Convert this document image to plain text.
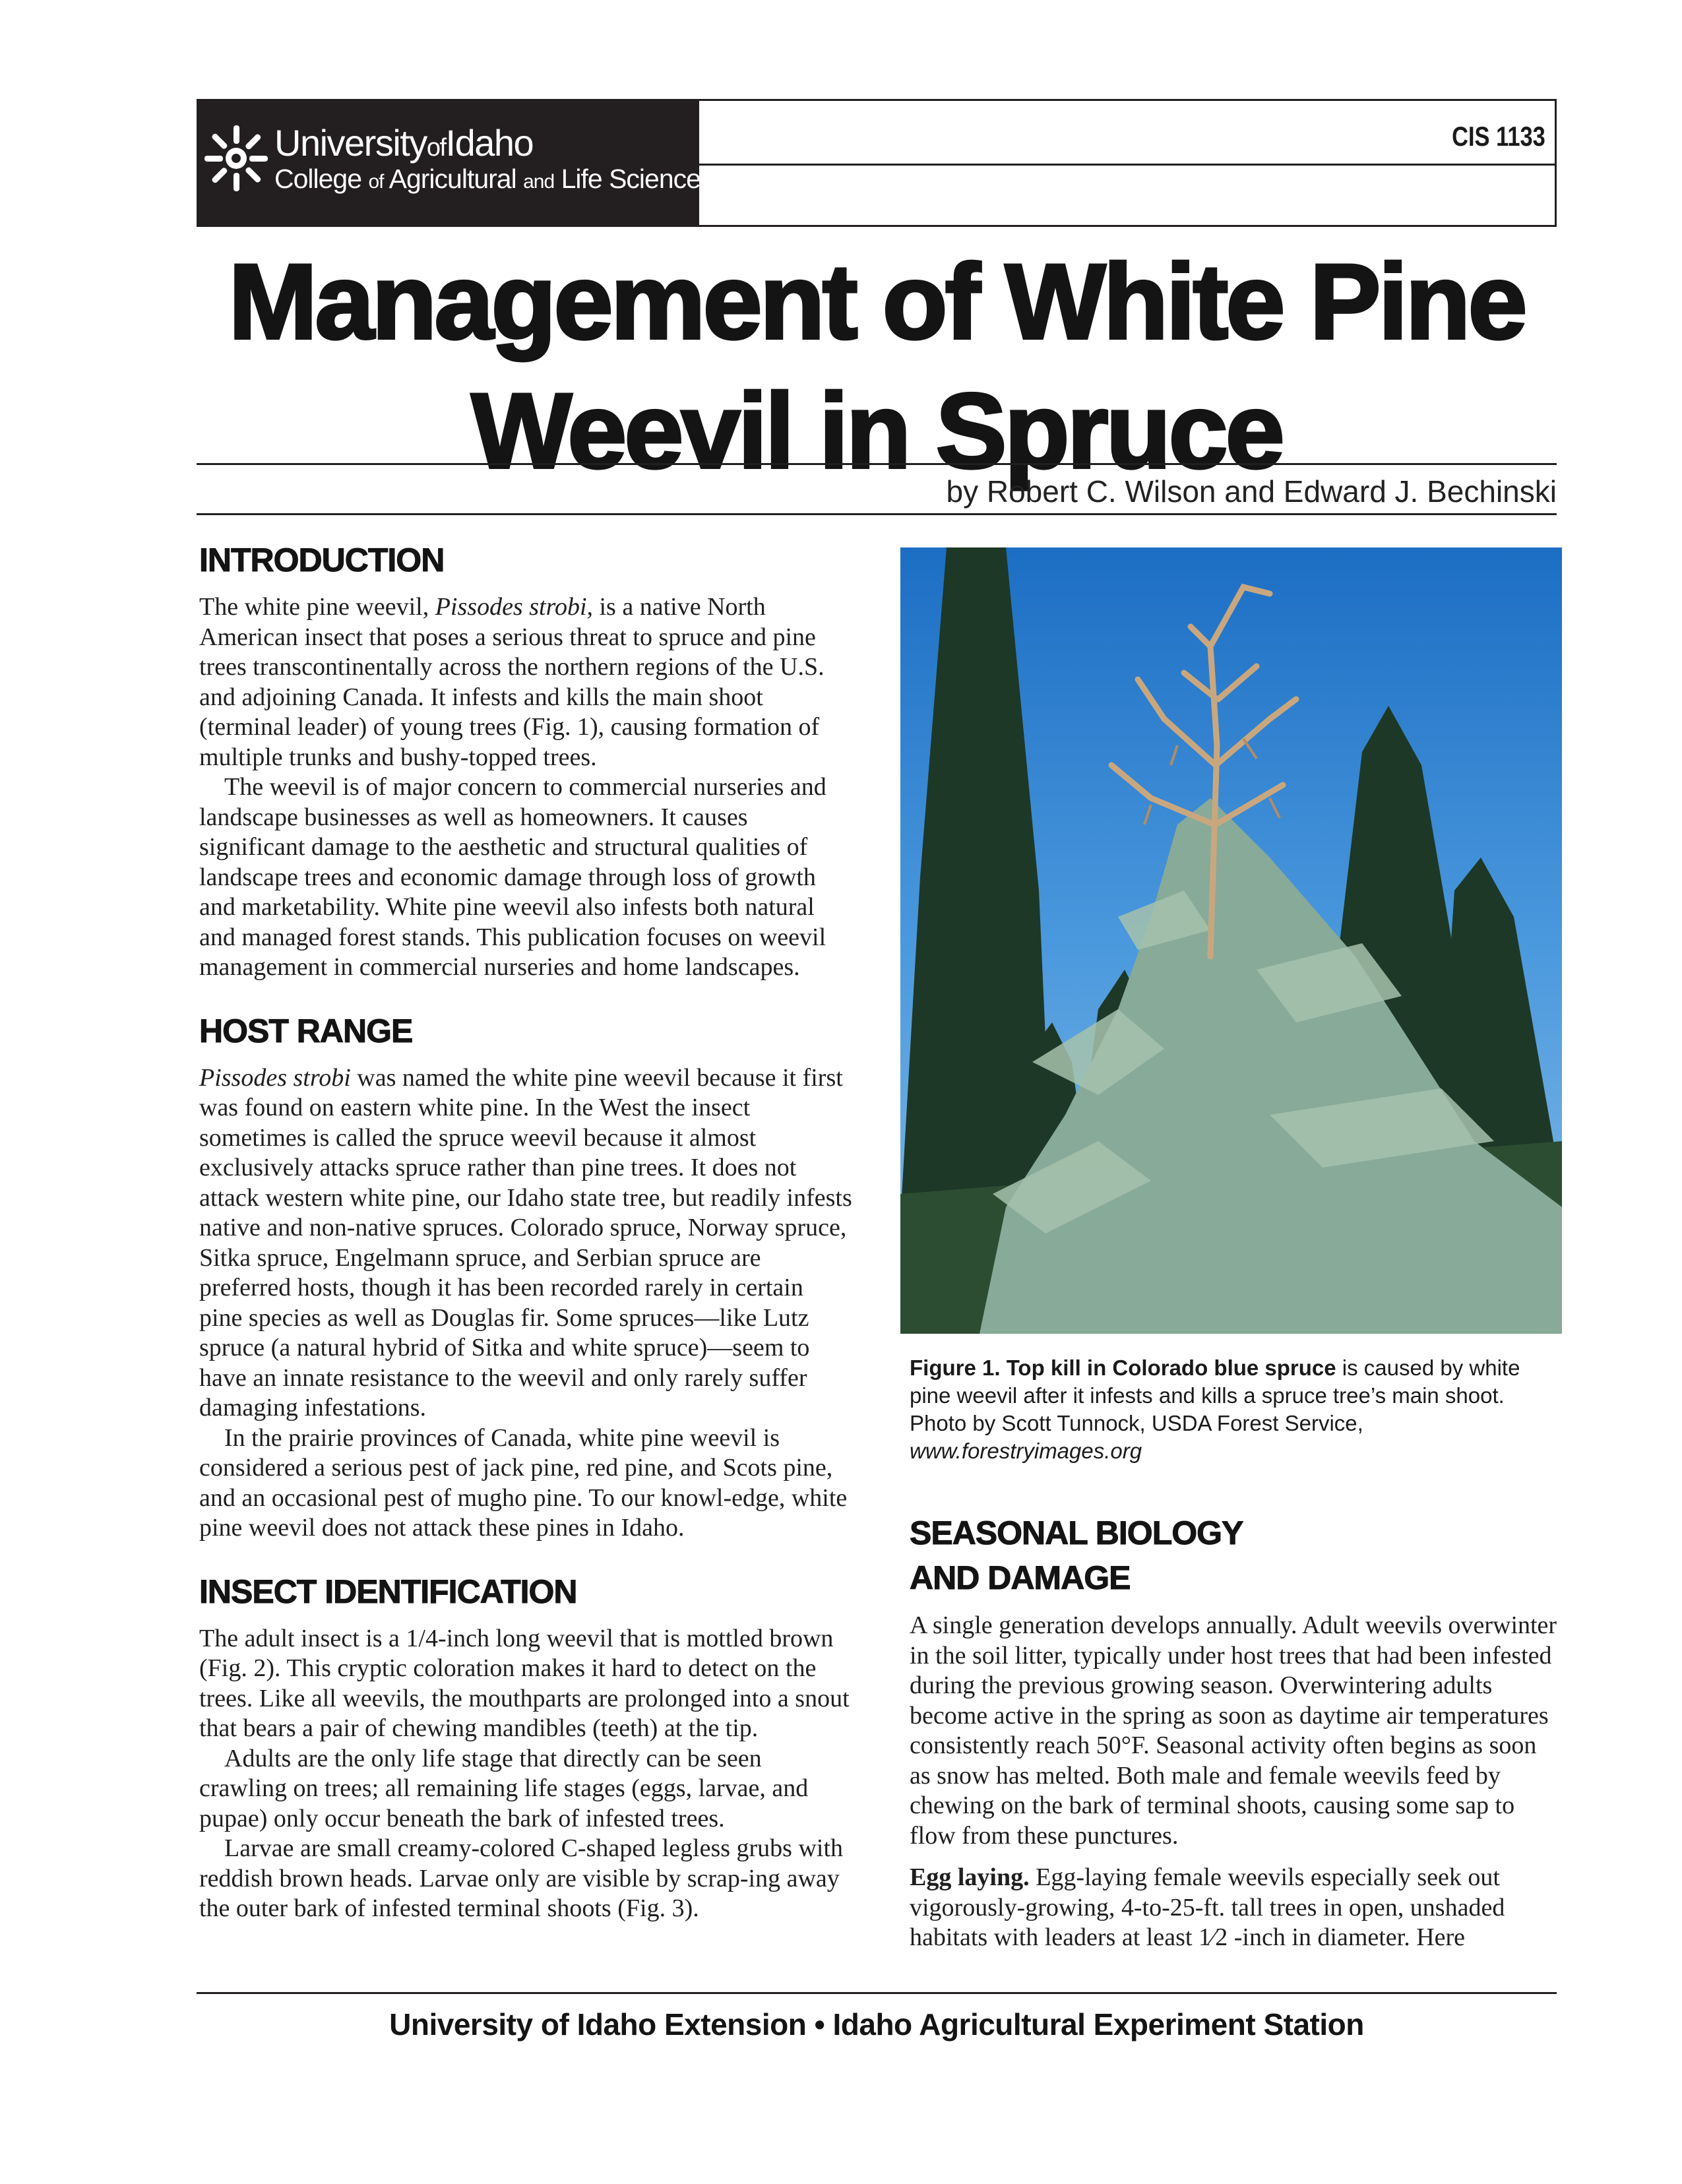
UniversityofIdaho
College of Agricultural and Life Sciences
CIS 1133
Management of White Pine
Weevil in Spruce
by Robert C. Wilson and Edward J. Bechinski
INTRODUCTION

The white pine weevil, Pissodes strobi, is a native North American insect that poses a serious threat to spruce and pine trees transcontinentally across the northern regions of the U.S. and adjoining Canada. It infests and kills the main shoot (terminal leader) of young trees (Fig. 1), causing formation of multiple trunks and bushy-topped trees.

The weevil is of major concern to commercial nurseries and landscape businesses as well as homeowners. It causes significant damage to the aesthetic and structural qualities of landscape trees and economic damage through loss of growth and marketability. White pine weevil also infests both natural and managed forest stands. This publication focuses on weevil management in commercial nurseries and home landscapes.

HOST RANGE

Pissodes strobi was named the white pine weevil because it first was found on eastern white pine. In the West the insect sometimes is called the spruce weevil because it almost exclusively attacks spruce rather than pine trees. It does not attack western white pine, our Idaho state tree, but readily infests native and non-native spruces. Colorado spruce, Norway spruce, Sitka spruce, Engelmann spruce, and Serbian spruce are preferred hosts, though it has been recorded rarely in certain pine species as well as Douglas fir. Some spruces—like Lutz spruce (a natural hybrid of Sitka and white spruce)—seem to have an innate resistance to the weevil and only rarely suffer damaging infestations.

In the prairie provinces of Canada, white pine weevil is considered a serious pest of jack pine, red pine, and Scots pine, and an occasional pest of mugho pine. To our knowl-edge, white pine weevil does not attack these pines in Idaho.

INSECT IDENTIFICATION

The adult insect is a 1/4-inch long weevil that is mottled brown (Fig. 2). This cryptic coloration makes it hard to detect on the trees. Like all weevils, the mouthparts are prolonged into a snout that bears a pair of chewing mandibles (teeth) at the tip.

Adults are the only life stage that directly can be seen crawling on trees; all remaining life stages (eggs, larvae, and pupae) only occur beneath the bark of infested trees.

Larvae are small creamy-colored C-shaped legless grubs with reddish brown heads. Larvae only are visible by scrap-ing away the outer bark of infested terminal shoots (Fig. 3).

Figure 1. Top kill in Colorado blue spruce is caused by white pine weevil after it infests and kills a spruce tree’s main shoot. Photo by Scott Tunnock, USDA Forest Service, www.forestryimages.org
SEASONAL BIOLOGY
AND DAMAGE

A single generation develops annually. Adult weevils overwinter in the soil litter, typically under host trees that had been infested during the previous growing season. Overwintering adults become active in the spring as soon as daytime air temperatures consistently reach 50°F. Seasonal activity often begins as soon as snow has melted. Both male and female weevils feed by chewing on the bark of terminal shoots, causing some sap to flow from these punctures.

Egg laying. Egg-laying female weevils especially seek out vigorously-growing, 4-to-25-ft. tall trees in open, unshaded habitats with leaders at least 1⁄2 -inch in diameter. Here

University of Idaho Extension • Idaho Agricultural Experiment Station
